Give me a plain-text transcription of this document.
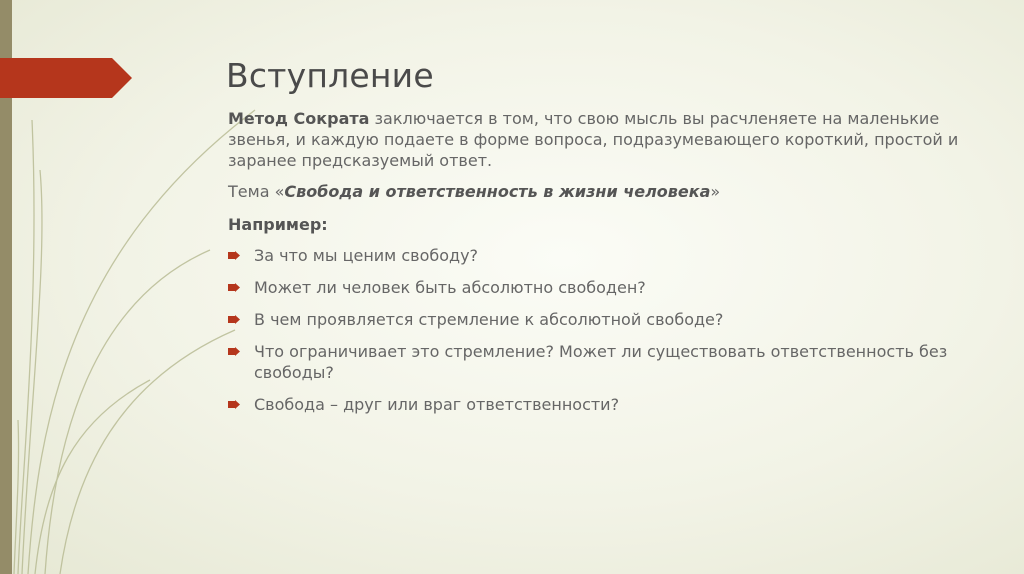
Вступление

Метод Сократа заключается в том, что свою мысль вы расчленяете на маленькие звенья, и каждую подаете в форме вопроса, подразумевающего короткий, простой и заранее предсказуемый ответ.

Тема «Свобода и ответственность в жизни человека»

Например:

За что мы ценим свободу?
Может ли человек быть абсолютно свободен?
В чем проявляется стремление к абсолютной свободе?
Что ограничивает это стремление? Может ли существовать ответственность без свободы?
Свобода – друг или враг ответственности?
